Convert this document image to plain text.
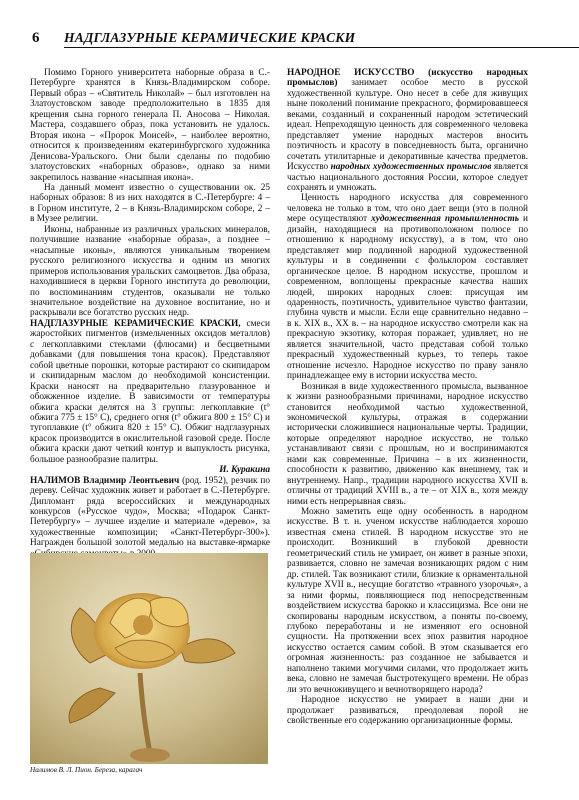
6 НАДГЛАЗУРНЫЕ КЕРАМИЧЕСКИЕ КРАСКИ

Помимо Горного университета наборные образа в С.-Петербурге хранятся в Князь-Владимирском соборе. Первый образ – «Святитель Николай» – был изготовлен на Златоустовском заводе предположительно в 1835 для крещения сына горного генерала П. Аносова – Николая. Мастера, создавшего образ, пока установить не удалось. Вторая икона – «Пророк Моисей», – наиболее вероятно, относится к произведениям екатеринбургского художника Денисова-Уральского. Они были сделаны по подобию златоустовских «наборных образов», однако за ними закрепилось название «насыпная икона».

На данный момент известно о существовании ок. 25 наборных образов: 8 из них находятся в С.-Петербурге: 4 – в Горном институте, 2 – в Князь-Владимирском соборе, 2 – в Музее религии.

Иконы, набранные из различных уральских минералов, получившие название «наборные образа», а позднее – «насыпные иконы», являются уникальным творением русского религиозного искусства и одним из многих примеров использования уральских самоцветов. Два образа, находившиеся в церкви Горного института до революции, по воспоминаниям студентов, оказывали не только значительное воздействие на духовное воспитание, но и раскрывали все богатство русских недр.

НАДГЛАЗУРНЫЕ КЕРАМИЧЕСКИЕ КРАСКИ, смеси жаростойких пигментов (измельченных оксидов металлов) с легкоплавкими стеклами (флюсами) и бесцветными добавками (для повышения тона красок). Представляют собой цветные порошки, которые растирают со скипидаром и скипидарным маслом до необходимой консистенции. Краски наносят на предварительно глазурованное и обожженное изделие. В зависимости от температуры обжига краски делятся на 3 группы: легкоплавкие (t° обжига 775 ± 15° C), среднего огня (t° обжига 800 ± 15° C) и тугоплавкие (t° обжига 820 ± 15° C). Обжиг надглазурных красок производится в окислительной газовой среде. После обжига краски дают четкий контур и выпуклость рисунка, большое разнообразие палитры.

И. Куракина

НАЛИМОВ Владимир Леонтьевич (род. 1952), резчик по дереву. Сейчас художник живет и работает в С.-Петербурге. Дипломант ряда всероссийских и международных конкурсов («Русское чудо», Москва; «Подарок Санкт-Петербургу» – лучшее изделие и материале «дерево», за художественные композиции; «Санкт-Петербург-300»). Награжден большой золотой медалью на выставке-ярмарке

Налимов В. Л. Пион. Береза, карагач

НАРОДНОЕ ИСКУССТВО (искусство народных промыслов) занимает особое место в русской художественной культуре. Оно несет в себе для живущих ныне поколений понимание прекрасного, формировавшееся веками, созданный и сохраненный народом эстетический идеал. Непреходящую ценность для современного человека представляет умение народных мастеров вносить поэтичность и красоту в повседневность быта, органично сочетать утилитарные и декоративные качества предметов. Искусство народных художественных промыслов является частью национального достояния России, которое следует сохранять и умножать.

Ценность народного искусства для современного человека не только в том, что оно дает вещи (это в полной мере осуществляют художественная промышленность и дизайн, находящиеся на противоположном полюсе по отношению к народному искусству), а в том, что оно представляет мир подлинной народной художественной культуры и в соединении с фольклором составляет органическое целое. В народном искусстве, прошлом и современном, воплощены прекрасные качества наших людей, широких народных слоев: присущая им одаренность, поэтичность, удивительное чувство фантазии, глубина чувств и мысли. Если еще сравнительно недавно – в к. XIX в., XX в. – на народное искусство смотрели как на прекрасную экзотику, которая поражает, удивляет, но не является значительной, часто представая собой только прекрасный художественный курьез, то теперь такое отношение исчезло. Народное искусство по праву заняло принадлежащее ему в истории искусства место.

Возникая в виде художественного промысла, вызванное к жизни разнообразными причинами, народное искусство становится необходимой частью художественной, экономической культуры, отражая в содержании исторически сложившиеся национальные черты. Традиции, которые определяют народное искусство, не только устанавливают связи с прошлым, но и воспринимаются нами как современные. Причина – в их жизненности, способности к развитию, движению как внешнему, так и внутреннему. Напр., традиции народного искусства XVII в. отличны от традиций XVIII в., а те – от XIX в., хотя между ними есть непрерывная связь.

Можно заметить еще одну особенность в народном искусстве. В т. н. ученом искусстве наблюдается хорошо известная смена стилей. В народном искусстве это не происходит. Возникший в глубокой древности геометрический стиль не умирает, он живет в разные эпохи, развивается, словно не замечая возникающих рядом с ним др. стилей. Так возникают стили, близкие к орнаментальной культуре XVII в., несущие богатство «травного узорочья», а за ними формы, появляющиеся под непосредственным воздействием искусства барокко и классицизма. Все они не скопированы народным искусством, а поняты по-своему, глубоко переработаны и не изменяют его основной сущности. На протяжении всех эпох развития народное искусство остается самим собой. В этом сказывается его огромная жизненность: раз созданное не забывается и наполнено такими могучими силами, что продолжает жить века, словно не замечая быстротекущего времени. Не образ ли это вечноживущего и вечнотворящего народа?

Народное искусство не умирает в наши дни и продолжает развиваться, преодолевая порой не свойственные его содержанию организационные формы.
